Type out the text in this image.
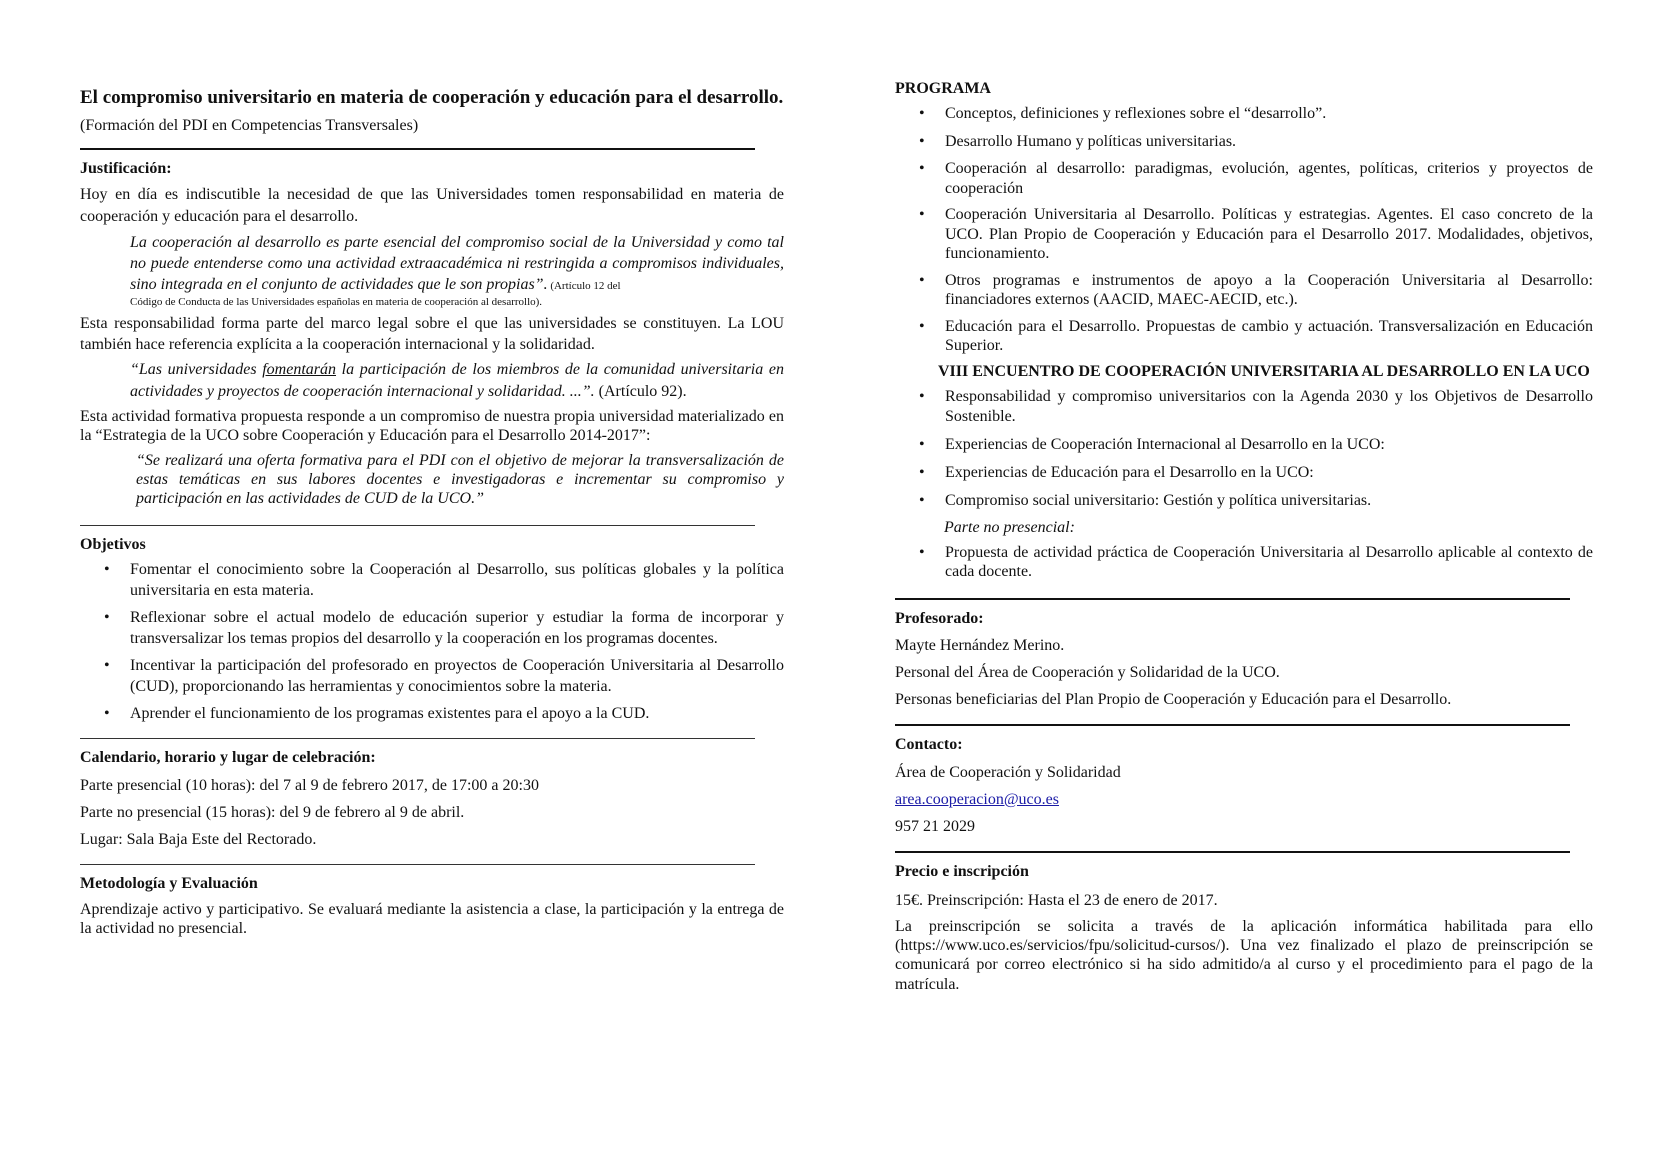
El compromiso universitario en materia de cooperación y educación para el desarrollo.

(Formación del PDI en Competencias Transversales)

Justificación:

Hoy en día es indiscutible la necesidad de que las Universidades tomen responsabilidad en materia de cooperación y educación para el desarrollo.

La cooperación al desarrollo es parte esencial del compromiso social de la Universidad y como tal no puede entenderse como una actividad extraacadémica ni restringida a compromisos individuales, sino integrada en el conjunto de actividades que le son propias”. (Artículo 12 del
Código de Conducta de las Universidades españolas en materia de cooperación al desarrollo).

Esta responsabilidad forma parte del marco legal sobre el que las universidades se constituyen. La LOU también hace referencia explícita a la cooperación internacional y la solidaridad.

“Las universidades fomentarán la participación de los miembros de la comunidad universitaria en actividades y proyectos de cooperación internacional y solidaridad. ...”. (Artículo 92).

Esta actividad formativa propuesta responde a un compromiso de nuestra propia universidad materializado en la “Estrategia de la UCO sobre Cooperación y Educación para el Desarrollo 2014-2017”:

“Se realizará una oferta formativa para el PDI con el objetivo de mejorar la transversalización de estas temáticas en sus labores docentes e investigadoras e incrementar su compromiso y participación en las actividades de CUD de la UCO.”

Objetivos

• Fomentar el conocimiento sobre la Cooperación al Desarrollo, sus políticas globales y la política universitaria en esta materia.
• Reflexionar sobre el actual modelo de educación superior y estudiar la forma de incorporar y transversalizar los temas propios del desarrollo y la cooperación en los programas docentes.
• Incentivar la participación del profesorado en proyectos de Cooperación Universitaria al Desarrollo (CUD), proporcionando las herramientas y conocimientos sobre la materia.
• Aprender el funcionamiento de los programas existentes para el apoyo a la CUD.

Calendario, horario y lugar de celebración:

Parte presencial (10 horas): del 7 al 9 de febrero 2017, de 17:00 a 20:30

Parte no presencial (15 horas): del 9 de febrero al 9 de abril.

Lugar: Sala Baja Este del Rectorado.

Metodología y Evaluación

Aprendizaje activo y participativo. Se evaluará mediante la asistencia a clase, la participación y la entrega de la actividad no presencial.

PROGRAMA

• Conceptos, definiciones y reflexiones sobre el “desarrollo”.
• Desarrollo Humano y políticas universitarias.
• Cooperación al desarrollo: paradigmas, evolución, agentes, políticas, criterios y proyectos de cooperación
• Cooperación Universitaria al Desarrollo. Políticas y estrategias. Agentes. El caso concreto de la UCO. Plan Propio de Cooperación y Educación para el Desarrollo 2017. Modalidades, objetivos, funcionamiento.
• Otros programas e instrumentos de apoyo a la Cooperación Universitaria al Desarrollo: financiadores externos (AACID, MAEC-AECID, etc.).
• Educación para el Desarrollo. Propuestas de cambio y actuación. Transversalización en Educación Superior.

VIII ENCUENTRO DE COOPERACIÓN UNIVERSITARIA AL DESARROLLO EN LA UCO

• Responsabilidad y compromiso universitarios con la Agenda 2030 y los Objetivos de Desarrollo Sostenible.
• Experiencias de Cooperación Internacional al Desarrollo en la UCO:
• Experiencias de Educación para el Desarrollo en la UCO:
• Compromiso social universitario: Gestión y política universitarias.

Parte no presencial:

• Propuesta de actividad práctica de Cooperación Universitaria al Desarrollo aplicable al contexto de cada docente.

Profesorado:

Mayte Hernández Merino.

Personal del Área de Cooperación y Solidaridad de la UCO.

Personas beneficiarias del Plan Propio de Cooperación y Educación para el Desarrollo.

Contacto:

Área de Cooperación y Solidaridad

area.cooperacion@uco.es

957 21 2029

Precio e inscripción

15€. Preinscripción: Hasta el 23 de enero de 2017.

La preinscripción se solicita a través de la aplicación informática habilitada para ello (https://www.uco.es/servicios/fpu/solicitud-cursos/). Una vez finalizado el plazo de preinscripción se comunicará por correo electrónico si ha sido admitido/a al curso y el procedimiento para el pago de la matrícula.
